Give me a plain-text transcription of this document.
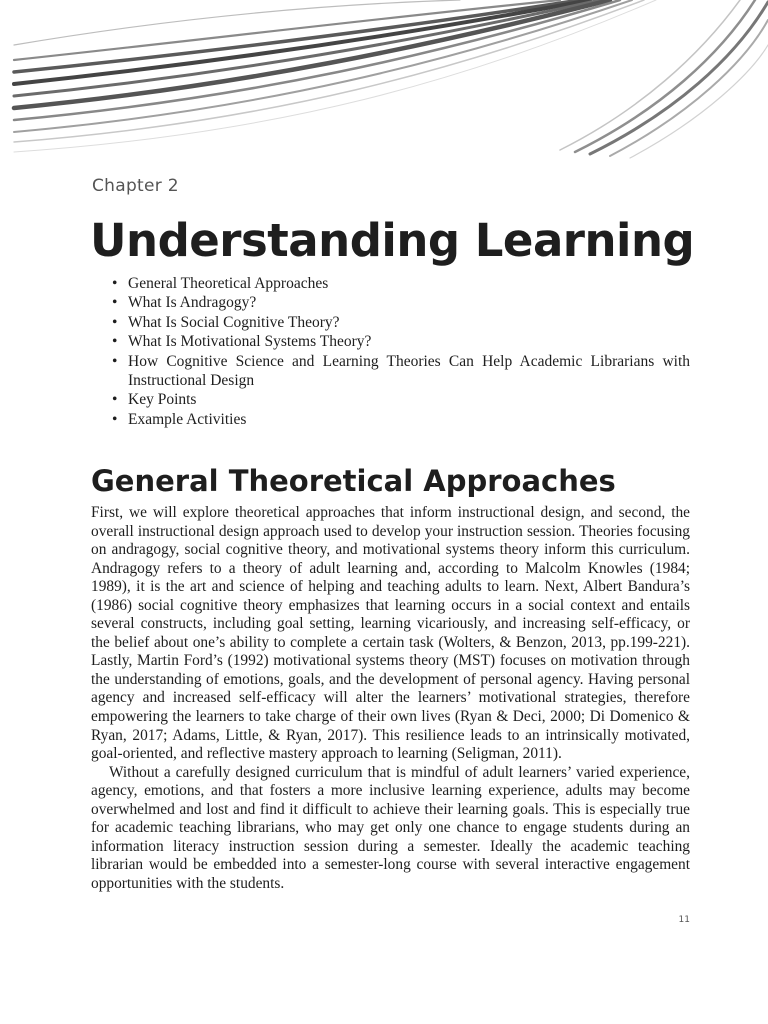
Chapter 2
Understanding Learning
• General Theoretical Approaches
• What Is Andragogy?
• What Is Social Cognitive Theory?
• What Is Motivational Systems Theory?
• How Cognitive Science and Learning Theories Can Help Academic Librarians with Instructional Design
• Key Points
• Example Activities
General Theoretical Approaches

First, we will explore theoretical approaches that inform instructional design, and second, the overall instructional design approach used to develop your instruction session. Theories focusing on andragogy, social cognitive theory, and motivational systems theory inform this curriculum. Andragogy refers to a theory of adult learning and, according to Malcolm Knowles (1984; 1989), it is the art and science of helping and teaching adults to learn. Next, Albert Bandura’s (1986) social cognitive theory emphasizes that learning occurs in a social context and entails several constructs, including goal setting, learning vicariously, and increasing self-efficacy, or the belief about one’s ability to complete a certain task (Wolters, & Benzon, 2013, pp.199-221). Lastly, Martin Ford’s (1992) motivational systems theory (MST) focuses on motivation through the understanding of emotions, goals, and the development of personal agency. Having personal agency and increased self-efficacy will alter the learners’ motivational strategies, therefore empowering the learners to take charge of their own lives (Ryan & Deci, 2000; Di Domenico & Ryan, 2017; Adams, Little, & Ryan, 2017). This resilience leads to an intrinsically motivated, goal-oriented, and reflective mastery approach to learning (Seligman, 2011).

Without a carefully designed curriculum that is mindful of adult learners’ varied experience, agency, emotions, and that fosters a more inclusive learning experience, adults may become overwhelmed and lost and find it difficult to achieve their learning goals. This is especially true for academic teaching librarians, who may get only one chance to engage students during an information literacy instruction session during a semester. Ideally the academic teaching librarian would be embedded into a semester-long course with several interactive engagement opportunities with the students.

11
